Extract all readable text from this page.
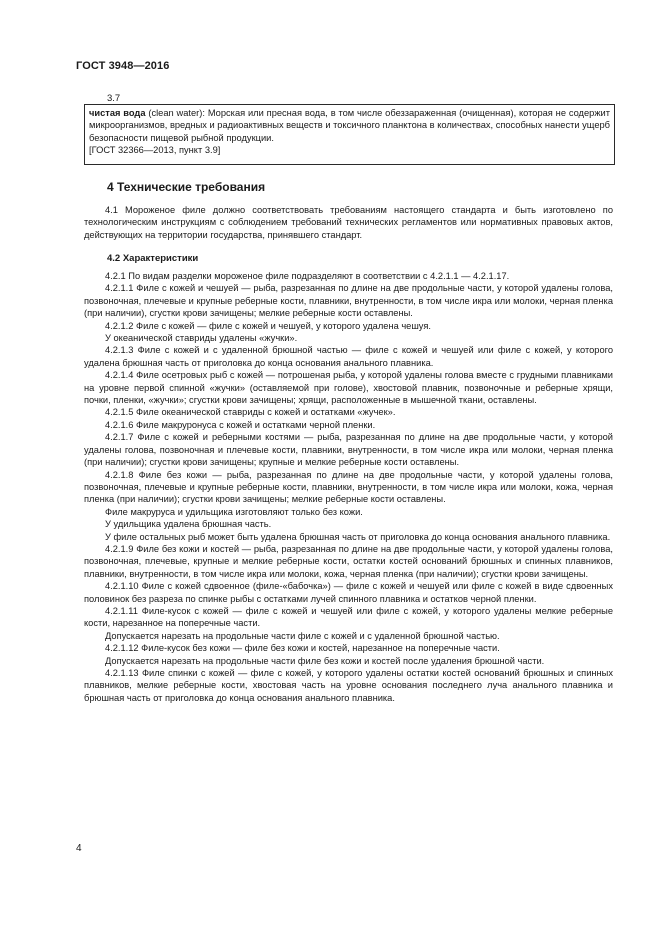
ГОСТ 3948—2016
3.7

чистая вода (clean water): Морская или пресная вода, в том числе обеззараженная (очищенная), которая не содержит микроорганизмов, вредных и радиоактивных веществ и токсичного планктона в количествах, способных нанести ущерб безопасности пищевой рыбной продукции.

[ГОСТ 32366—2013, пункт 3.9]

4 Технические требования

4.1 Мороженое филе должно соответствовать требованиям настоящего стандарта и быть изготовлено по технологическим инструкциям с соблюдением требований технических регламентов или нормативных правовых актов, действующих на территории государства, принявшего стандарт.

4.2 Характеристики

4.2.1 По видам разделки мороженое филе подразделяют в соответствии с 4.2.1.1 — 4.2.1.17.

4.2.1.1 Филе с кожей и чешуей — рыба, разрезанная по длине на две продольные части, у которой удалены голова, позвоночная, плечевые и крупные реберные кости, плавники, внутренности, в том числе икра или молоки, черная пленка (при наличии), сгустки крови зачищены; мелкие реберные кости оставлены.

4.2.1.2 Филе с кожей — филе с кожей и чешуей, у которого удалена чешуя.

У океанической ставриды удалены «жучки».

4.2.1.3 Филе с кожей и с удаленной брюшной частью — филе с кожей и чешуей или филе с кожей, у которого удалена брюшная часть от приголовка до конца основания анального плавника.

4.2.1.4 Филе осетровых рыб с кожей — потрошеная рыба, у которой удалены голова вместе с грудными плавниками на уровне первой спинной «жучки» (оставляемой при голове), хвостовой плавник, позвоночные и реберные хрящи, почки, пленки, «жучки»; сгустки крови зачищены; хрящи, расположенные в мышечной ткани, оставлены.

4.2.1.5 Филе океанической ставриды с кожей и остатками «жучек».

4.2.1.6 Филе макруронуса с кожей и остатками черной пленки.

4.2.1.7 Филе с кожей и реберными костями — рыба, разрезанная по длине на две продольные части, у которой удалены голова, позвоночная и плечевые кости, плавники, внутренности, в том числе икра или молоки, черная пленка (при наличии); сгустки крови зачищены; крупные и мелкие реберные кости оставлены.

4.2.1.8 Филе без кожи — рыба, разрезанная по длине на две продольные части, у которой удалены голова, позвоночная, плечевые и крупные реберные кости, плавники, внутренности, в том числе икра или молоки, кожа, черная пленка (при наличии); сгустки крови зачищены; мелкие реберные кости оставлены.

Филе макруруса и удильщика изготовляют только без кожи.

У удильщика удалена брюшная часть.

У филе остальных рыб может быть удалена брюшная часть от приголовка до конца основания анального плавника.

4.2.1.9 Филе без кожи и костей — рыба, разрезанная по длине на две продольные части, у которой удалены голова, позвоночная, плечевые, крупные и мелкие реберные кости, остатки костей оснований брюшных и спинных плавников, плавники, внутренности, в том числе икра или молоки, кожа, черная пленка (при наличии); сгустки крови зачищены.

4.2.1.10 Филе с кожей сдвоенное (филе-«бабочка») — филе с кожей и чешуей или филе с кожей в виде сдвоенных половинок без разреза по спинке рыбы с остатками лучей спинного плавника и остатков черной пленки.

4.2.1.11 Филе-кусок с кожей — филе с кожей и чешуей или филе с кожей, у которого удалены мелкие реберные кости, нарезанное на поперечные части.

Допускается нарезать на продольные части филе с кожей и с удаленной брюшной частью.

4.2.1.12 Филе-кусок без кожи — филе без кожи и костей, нарезанное на поперечные части.

Допускается нарезать на продольные части филе без кожи и костей после удаления брюшной части.

4.2.1.13 Филе спинки с кожей — филе с кожей, у которого удалены остатки костей оснований брюшных и спинных плавников, мелкие реберные кости, хвостовая часть на уровне основания последнего луча анального плавника и брюшная часть от приголовка до конца основания анального плавника.

4
